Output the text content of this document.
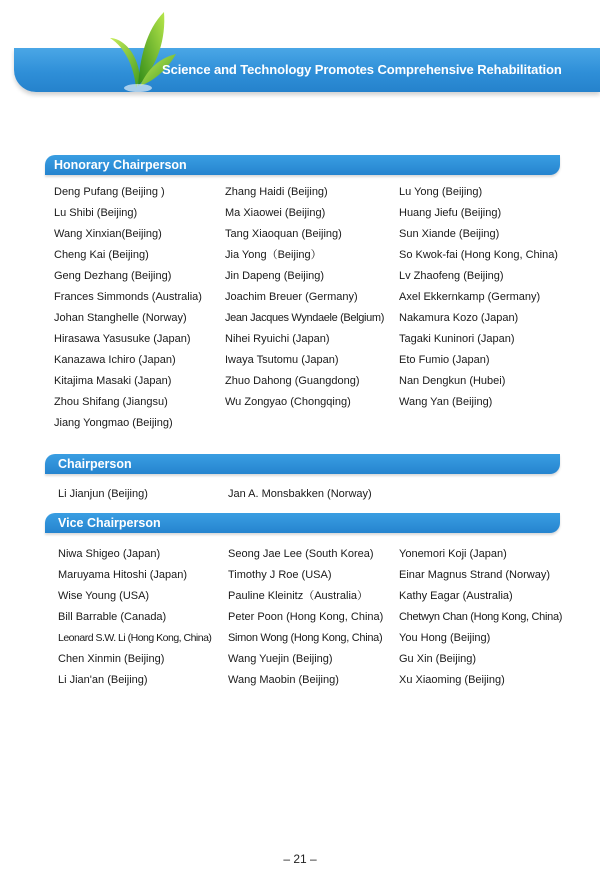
Science and Technology Promotes Comprehensive Rehabilitation
Honorary Chairperson
Deng Pufang (Beijing )
Lu Shibi (Beijing)
Wang Xinxian(Beijing)
Cheng Kai (Beijing)
Geng Dezhang (Beijing)
Frances Simmonds (Australia)
Johan Stanghelle (Norway)
Hirasawa Yasusuke (Japan)
Kanazawa Ichiro (Japan)
Kitajima Masaki (Japan)
Zhou Shifang (Jiangsu)
Jiang Yongmao (Beijing)
Zhang Haidi (Beijing)
Ma Xiaowei (Beijing)
Tang Xiaoquan (Beijing)
Jia Yong（Beijing）
Jin Dapeng (Beijing)
Joachim Breuer (Germany)
Jean Jacques Wyndaele (Belgium)
Nihei Ryuichi (Japan)
Iwaya Tsutomu (Japan)
Zhuo Dahong (Guangdong)
Wu Zongyao (Chongqing)
Lu Yong (Beijing)
Huang Jiefu (Beijing)
Sun Xiande (Beijing)
So Kwok-fai (Hong Kong, China)
Lv Zhaofeng (Beijing)
Axel Ekkernkamp (Germany)
Nakamura Kozo (Japan)
Tagaki Kuninori (Japan)
Eto Fumio (Japan)
Nan Dengkun (Hubei)
Wang Yan (Beijing)
Chairperson
Li Jianjun (Beijing)	Jan A. Monsbakken (Norway)
Vice Chairperson
Niwa Shigeo (Japan)
Maruyama Hitoshi (Japan)
Wise Young (USA)
Bill Barrable (Canada)
Leonard S.W. Li (Hong Kong, China)
Chen Xinmin (Beijing)
Li Jian'an (Beijing)
Seong Jae Lee (South Korea)
Timothy J Roe (USA)
Pauline Kleinitz（Australia）
Peter Poon (Hong Kong, China)
Simon Wong (Hong Kong, China)
Wang Yuejin (Beijing)
Wang Maobin (Beijing)
Yonemori Koji (Japan)
Einar Magnus Strand (Norway)
Kathy Eagar (Australia)
Chetwyn Chan (Hong Kong, China)
You Hong (Beijing)
Gu Xin (Beijing)
Xu Xiaoming (Beijing)
– 21 –
